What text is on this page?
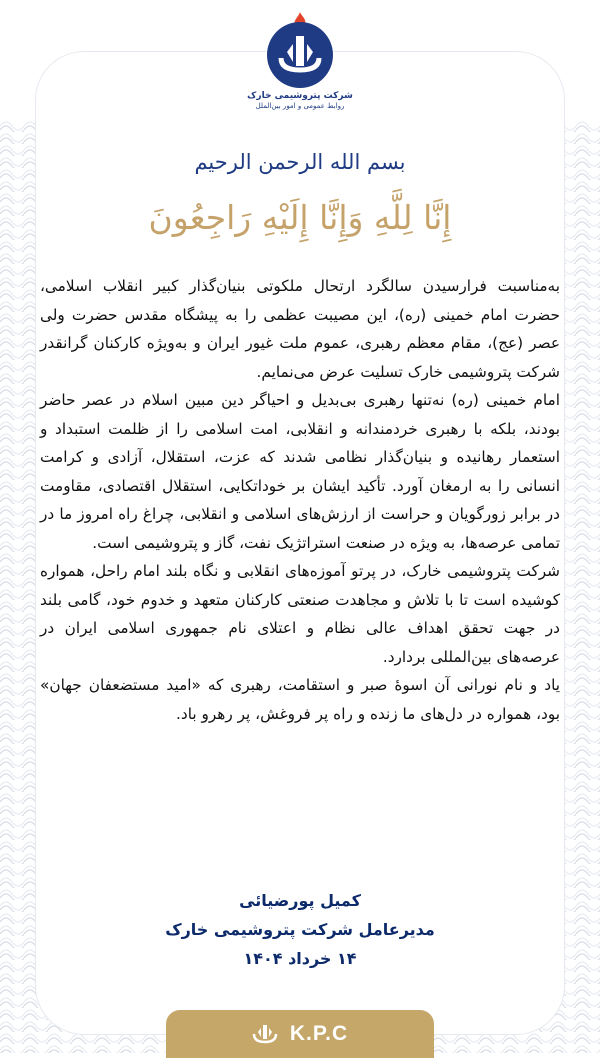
شرکت پتروشیمی خارک
روابط عمومی و امور بین‌الملل
بسم الله الرحمن الرحیم
إِنَّا لِلَّهِ وَإِنَّا إِلَيْهِ رَاجِعُونَ

به‌مناسبت فرارسیدن سالگرد ارتحال ملکوتی بنیان‌گذار کبیر انقلاب اسلامی، حضرت امام خمینی (ره)، این مصیبت عظمی را به پیشگاه مقدس حضرت ولی عصر (عج)، مقام معظم رهبری، عموم ملت غیور ایران و به‌ویژه کارکنان گرانقدر شرکت پتروشیمی خارک تسلیت عرض می‌نمایم.

امام خمینی (ره) نه‌تنها رهبری بی‌بدیل و احیاگر دین مبین اسلام در عصر حاضر بودند، بلکه با رهبری خردمندانه و انقلابی، امت اسلامی را از ظلمت استبداد و استعمار رهانیده و بنیان‌گذار نظامی شدند که عزت، استقلال، آزادی و کرامت انسانی را به ارمغان آورد. تأکید ایشان بر خوداتکایی، استقلال اقتصادی، مقاومت در برابر زورگویان و حراست از ارزش‌های اسلامی و انقلابی، چراغ راه امروز ما در تمامی عرصه‌ها، به ویژه در صنعت استراتژیک نفت، گاز و پتروشیمی است.

شرکت پتروشیمی خارک، در پرتو آموزه‌های انقلابی و نگاه بلند امام راحل، همواره کوشیده است تا با تلاش و مجاهدت صنعتی کارکنان متعهد و خدوم خود، گامی بلند در جهت تحقق اهداف عالی نظام و اعتلای نام جمهوری اسلامی ایران در عرصه‌های بین‌المللی بردارد.

یاد و نام نورانی آن اسوهٔ صبر و استقامت، رهبری که «امید مستضعفان جهان» بود، همواره در دل‌های ما زنده و راه پر فروغش، پر رهرو باد.

کمیل پورضیائی
مدیرعامل شرکت پتروشیمی خارک
۱۴ خرداد ۱۴۰۴
K.P.C
